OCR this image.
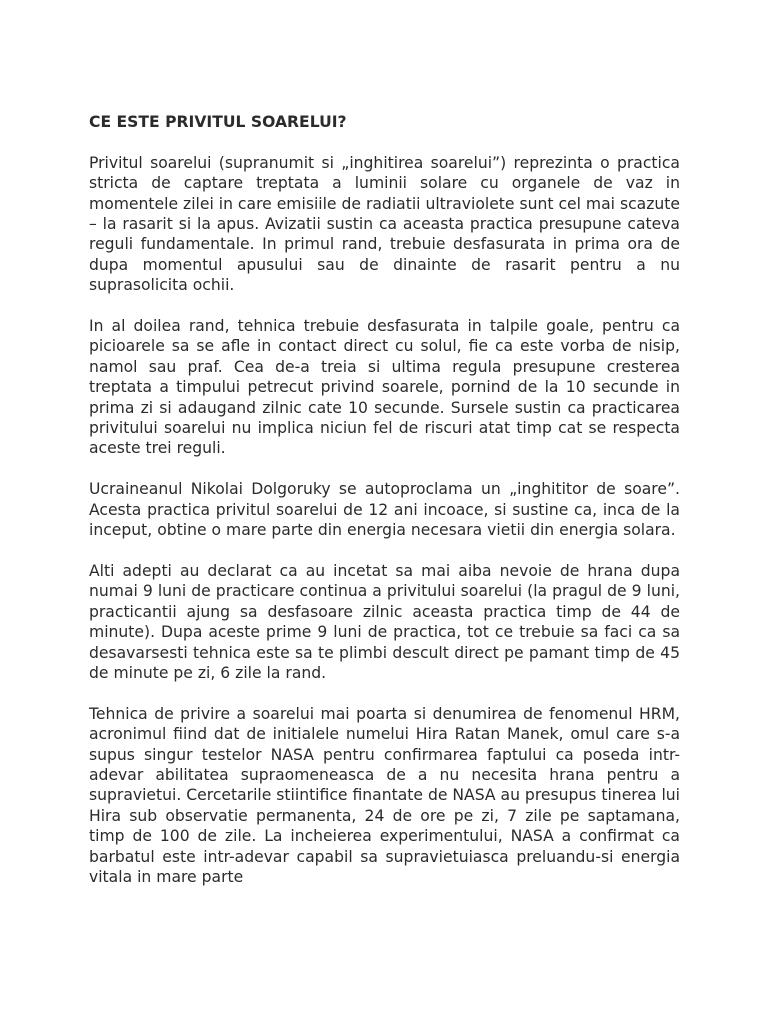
CE ESTE PRIVITUL SOARELUI?

Privitul soarelui (supranumit si „inghitirea soarelui”) reprezinta o practica stricta de captare treptata a luminii solare cu organele de vaz in momentele zilei in care emisiile de radiatii ultraviolete sunt cel mai scazute – la rasarit si la apus. Avizatii sustin ca aceasta practica presupune cateva reguli fundamentale. In primul rand, trebuie desfasurata in prima ora de dupa momentul apusului sau de dinainte de rasarit pentru a nu suprasolicita ochii.

In al doilea rand, tehnica trebuie desfasurata in talpile goale, pentru ca picioarele sa se afle in contact direct cu solul, fie ca este vorba de nisip, namol sau praf. Cea de-a treia si ultima regula presupune cresterea treptata a timpului petrecut privind soarele, pornind de la 10 secunde in prima zi si adaugand zilnic cate 10 secunde. Sursele sustin ca practicarea privitului soarelui nu implica niciun fel de riscuri atat timp cat se respecta aceste trei reguli.

Ucraineanul Nikolai Dolgoruky se autoproclama un „inghititor de soare”. Acesta practica privitul soarelui de 12 ani incoace, si sustine ca, inca de la inceput, obtine o mare parte din energia necesara vietii din energia solara.

Alti adepti au declarat ca au incetat sa mai aiba nevoie de hrana dupa numai 9 luni de practicare continua a privitului soarelui (la pragul de 9 luni, practicantii ajung sa desfasoare zilnic aceasta practica timp de 44 de minute). Dupa aceste prime 9 luni de practica, tot ce trebuie sa faci ca sa desavarsesti tehnica este sa te plimbi descult direct pe pamant timp de 45 de minute pe zi, 6 zile la rand.

Tehnica de privire a soarelui mai poarta si denumirea de fenomenul HRM, acronimul fiind dat de initialele numelui Hira Ratan Manek, omul care s-a supus singur testelor NASA pentru confirmarea faptului ca poseda intr-adevar abilitatea supraomeneasca de a nu necesita hrana pentru a supravietui. Cercetarile stiintifice finantate de NASA au presupus tinerea lui Hira sub observatie permanenta, 24 de ore pe zi, 7 zile pe saptamana, timp de 100 de zile. La incheierea experimentului, NASA a confirmat ca barbatul este intr-adevar capabil sa supravietuiasca preluandu-si energia vitala in mare parte
